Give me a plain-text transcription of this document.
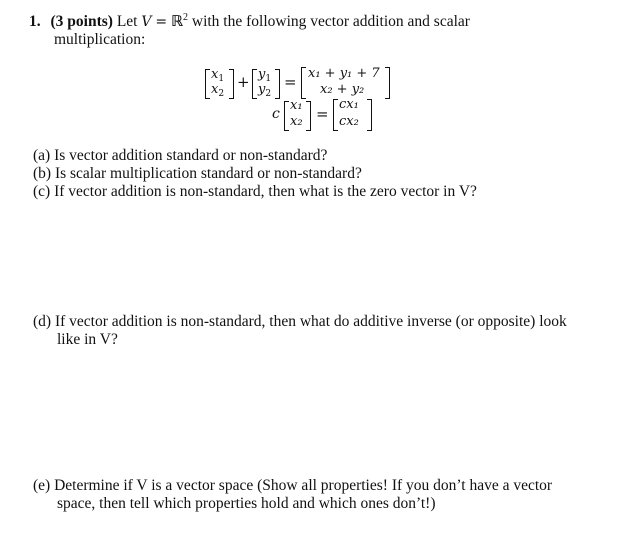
1. (3 points) Let V = ℝ$^2$ with the following vector addition and scalar
multiplication:
$x_1$
$x_2$
+ $y_1$
$y_2$
= x₁ + y₁ + 7
x₂ + y₂
c
x₁
x₂ =
cx₁
cx₂
(a) Is vector addition standard or non-standard?
(b) Is scalar multiplication standard or non-standard?
(c) If vector addition is non-standard, then what is the zero vector in V?
(d) If vector addition is non-standard, then what do additive inverse (or opposite) look
like in V?
(e) Determine if V is a vector space (Show all properties! If you don’t have a vector
space, then tell which properties hold and which ones don’t!)
